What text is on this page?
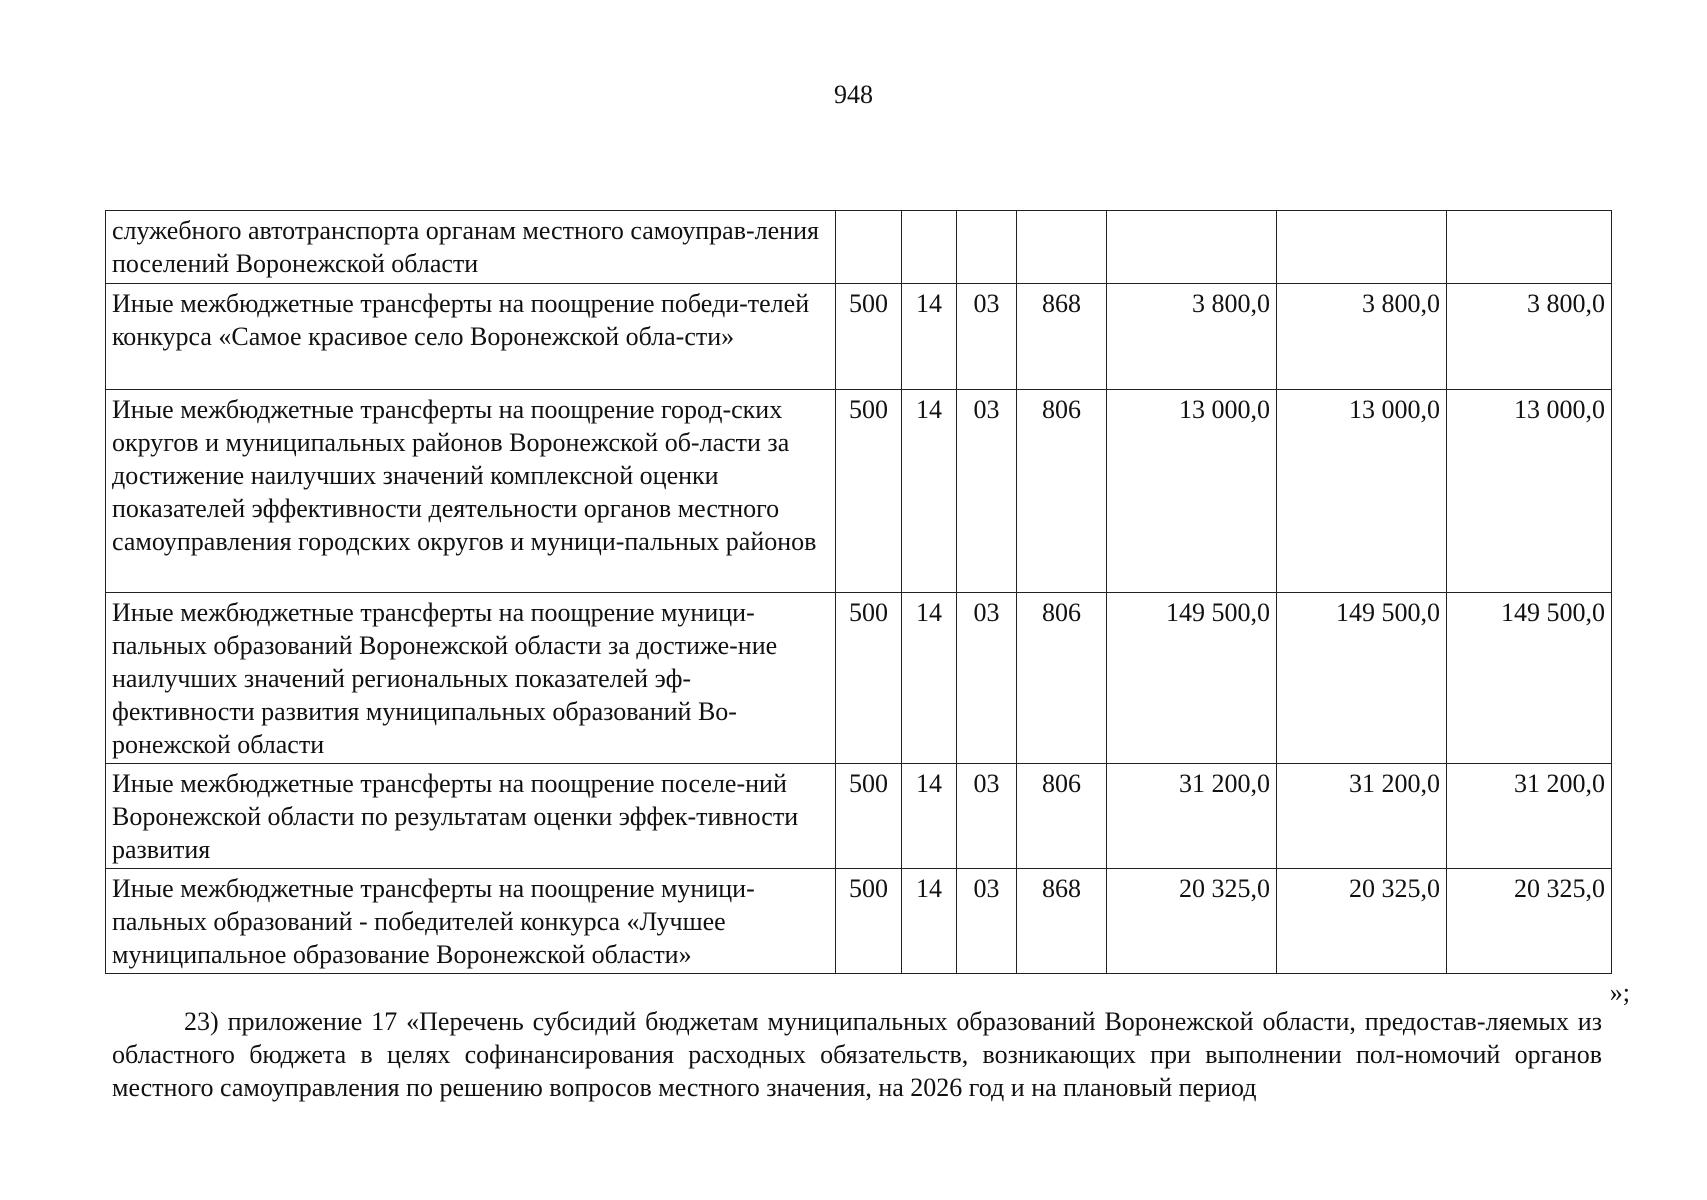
948
служебного автотранспорта органам местного самоуправ-ления поселений Воронежской области							
Иные межбюджетные трансферты на поощрение победи-телей конкурса «Самое красивое село Воронежской обла-сти»	500	14	03	868	3 800,0	3 800,0	3 800,0
Иные межбюджетные трансферты на поощрение город-ских округов и муниципальных районов Воронежской об-ласти за достижение наилучших значений комплексной оценки показателей эффективности деятельности органов местного самоуправления городских округов и муници-пальных районов	500	14	03	806	13 000,0	13 000,0	13 000,0
Иные межбюджетные трансферты на поощрение муници-пальных образований Воронежской области за достиже-ние наилучших значений региональных показателей эф-фективности развития муниципальных образований Во-ронежской области	500	14	03	806	149 500,0	149 500,0	149 500,0
Иные межбюджетные трансферты на поощрение поселе-ний Воронежской области по результатам оценки эффек-тивности развития	500	14	03	806	31 200,0	31 200,0	31 200,0
Иные межбюджетные трансферты на поощрение муници-пальных образований - победителей конкурса «Лучшее муниципальное образование Воронежской области»	500	14	03	868	20 325,0	20 325,0	20 325,0
»;
23) приложение 17 «Перечень субсидий бюджетам муниципальных образований Воронежской области, предостав-ляемых из областного бюджета в целях софинансирования расходных обязательств, возникающих при выполнении пол-номочий органов местного самоуправления по решению вопросов местного значения, на 2026 год и на плановый период
